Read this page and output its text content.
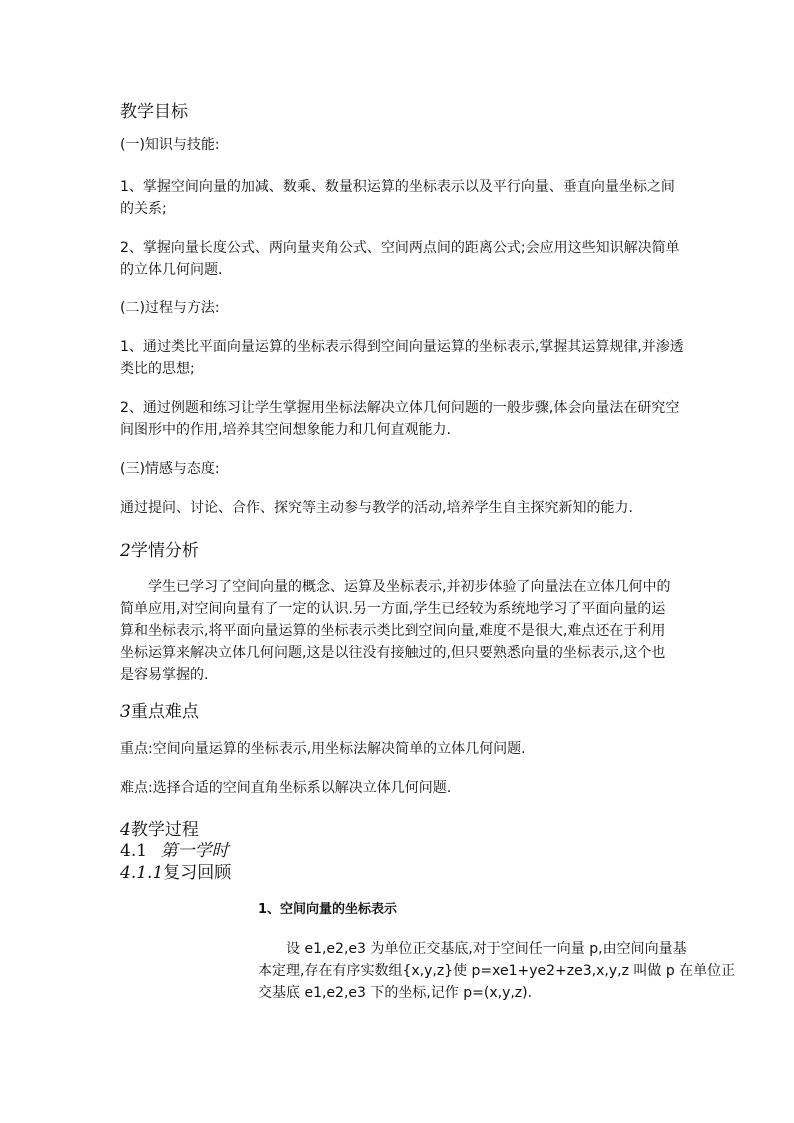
教学目标
(一)知识与技能:
1、掌握空间向量的加减、数乘、数量积运算的坐标表示以及平行向量、垂直向量坐标之间
的关系;
2、掌握向量长度公式、两向量夹角公式、空间两点间的距离公式;会应用这些知识解决简单
的立体几何问题.
(二)过程与方法:
1、通过类比平面向量运算的坐标表示得到空间向量运算的坐标表示,掌握其运算规律,并渗透
类比的思想;
2、通过例题和练习让学生掌握用坐标法解决立体几何问题的一般步骤,体会向量法在研究空
间图形中的作用,培养其空间想象能力和几何直观能力.
(三)情感与态度:
通过提问、讨论、合作、探究等主动参与教学的活动,培养学生自主探究新知的能力.
2学情分析
学生已学习了空间向量的概念、运算及坐标表示,并初步体验了向量法在立体几何中的
简单应用,对空间向量有了一定的认识.另一方面,学生已经较为系统地学习了平面向量的运
算和坐标表示,将平面向量运算的坐标表示类比到空间向量,难度不是很大,难点还在于利用
坐标运算来解决立体几何问题,这是以往没有接触过的,但只要熟悉向量的坐标表示,这个也
是容易掌握的.
3重点难点
重点:空间向量运算的坐标表示,用坐标法解决简单的立体几何问题.
难点:选择合适的空间直角坐标系以解决立体几何问题.
4教学过程
4.1 第一学时
4.1.1复习回顾
1、空间向量的坐标表示
设 e1,e2,e3 为单位正交基底,对于空间任一向量 p,由空间向量基
本定理,存在有序实数组{x,y,z}使 p=xe1+ye2+ze3,x,y,z 叫做 p 在单位正
交基底 e1,e2,e3 下的坐标,记作 p=(x,y,z).
